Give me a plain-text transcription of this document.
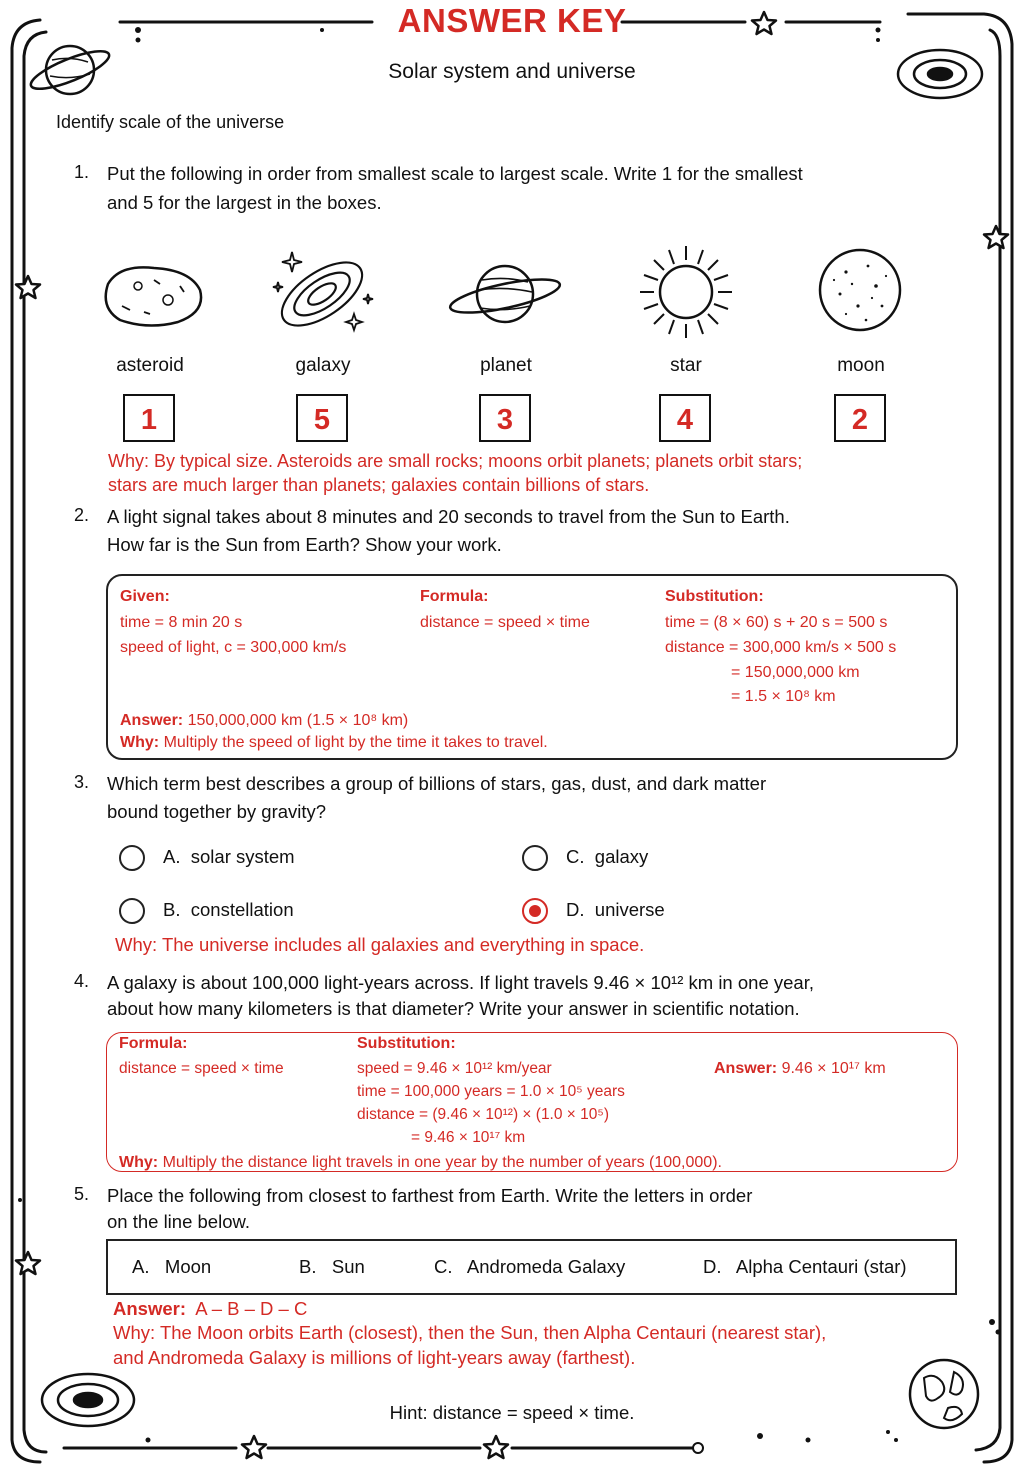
ANSWER KEY
Solar system and universe
Identify scale of the universe
1. Put the following in order from smallest scale to largest scale. Write 1 for the smallest
and 5 for the largest in the boxes.
asteroid	galaxy	planet	star	moon
1	5	3	4	2
Why: By typical size. Asteroids are small rocks; moons orbit planets; planets orbit stars;
stars are much larger than planets; galaxies contain billions of stars.
2. A light signal takes about 8 minutes and 20 seconds to travel from the Sun to Earth.
How far is the Sun from Earth? Show your work.
Given:
time = 8 min 20 s
speed of light, c = 300,000 km/s
Formula:
distance = speed × time
Substitution:
time = (8 × 60) s + 20 s = 500 s
distance = 300,000 km/s × 500 s
= 150,000,000 km
= 1.5 × 10⁸ km
Answer: 150,000,000 km (1.5 × 10⁸ km)
Why: Multiply the speed of light by the time it takes to travel.
3. Which term best describes a group of billions of stars, gas, dust, and dark matter
bound together by gravity?
A. solar system
B. constellation
C. galaxy
D. universe
Why: The universe includes all galaxies and everything in space.
4. A galaxy is about 100,000 light-years across. If light travels 9.46 × 10¹² km in one year,
about how many kilometers is that diameter? Write your answer in scientific notation.
Formula:
distance = speed × time
Substitution:
speed = 9.46 × 10¹² km/year
time = 100,000 years = 1.0 × 10⁵ years
distance = (9.46 × 10¹²) × (1.0 × 10⁵)
= 9.46 × 10¹⁷ km
Answer: 9.46 × 10¹⁷ km
Why: Multiply the distance light travels in one year by the number of years (100,000).
5. Place the following from closest to farthest from Earth. Write the letters in order
on the line below.
A. Moon	B. Sun	C. Andromeda Galaxy	D. Alpha Centauri (star)
Answer: A – B – D – C
Why: The Moon orbits Earth (closest), then the Sun, then Alpha Centauri (nearest star),
and Andromeda Galaxy is millions of light-years away (farthest).
Hint: distance = speed × time.
